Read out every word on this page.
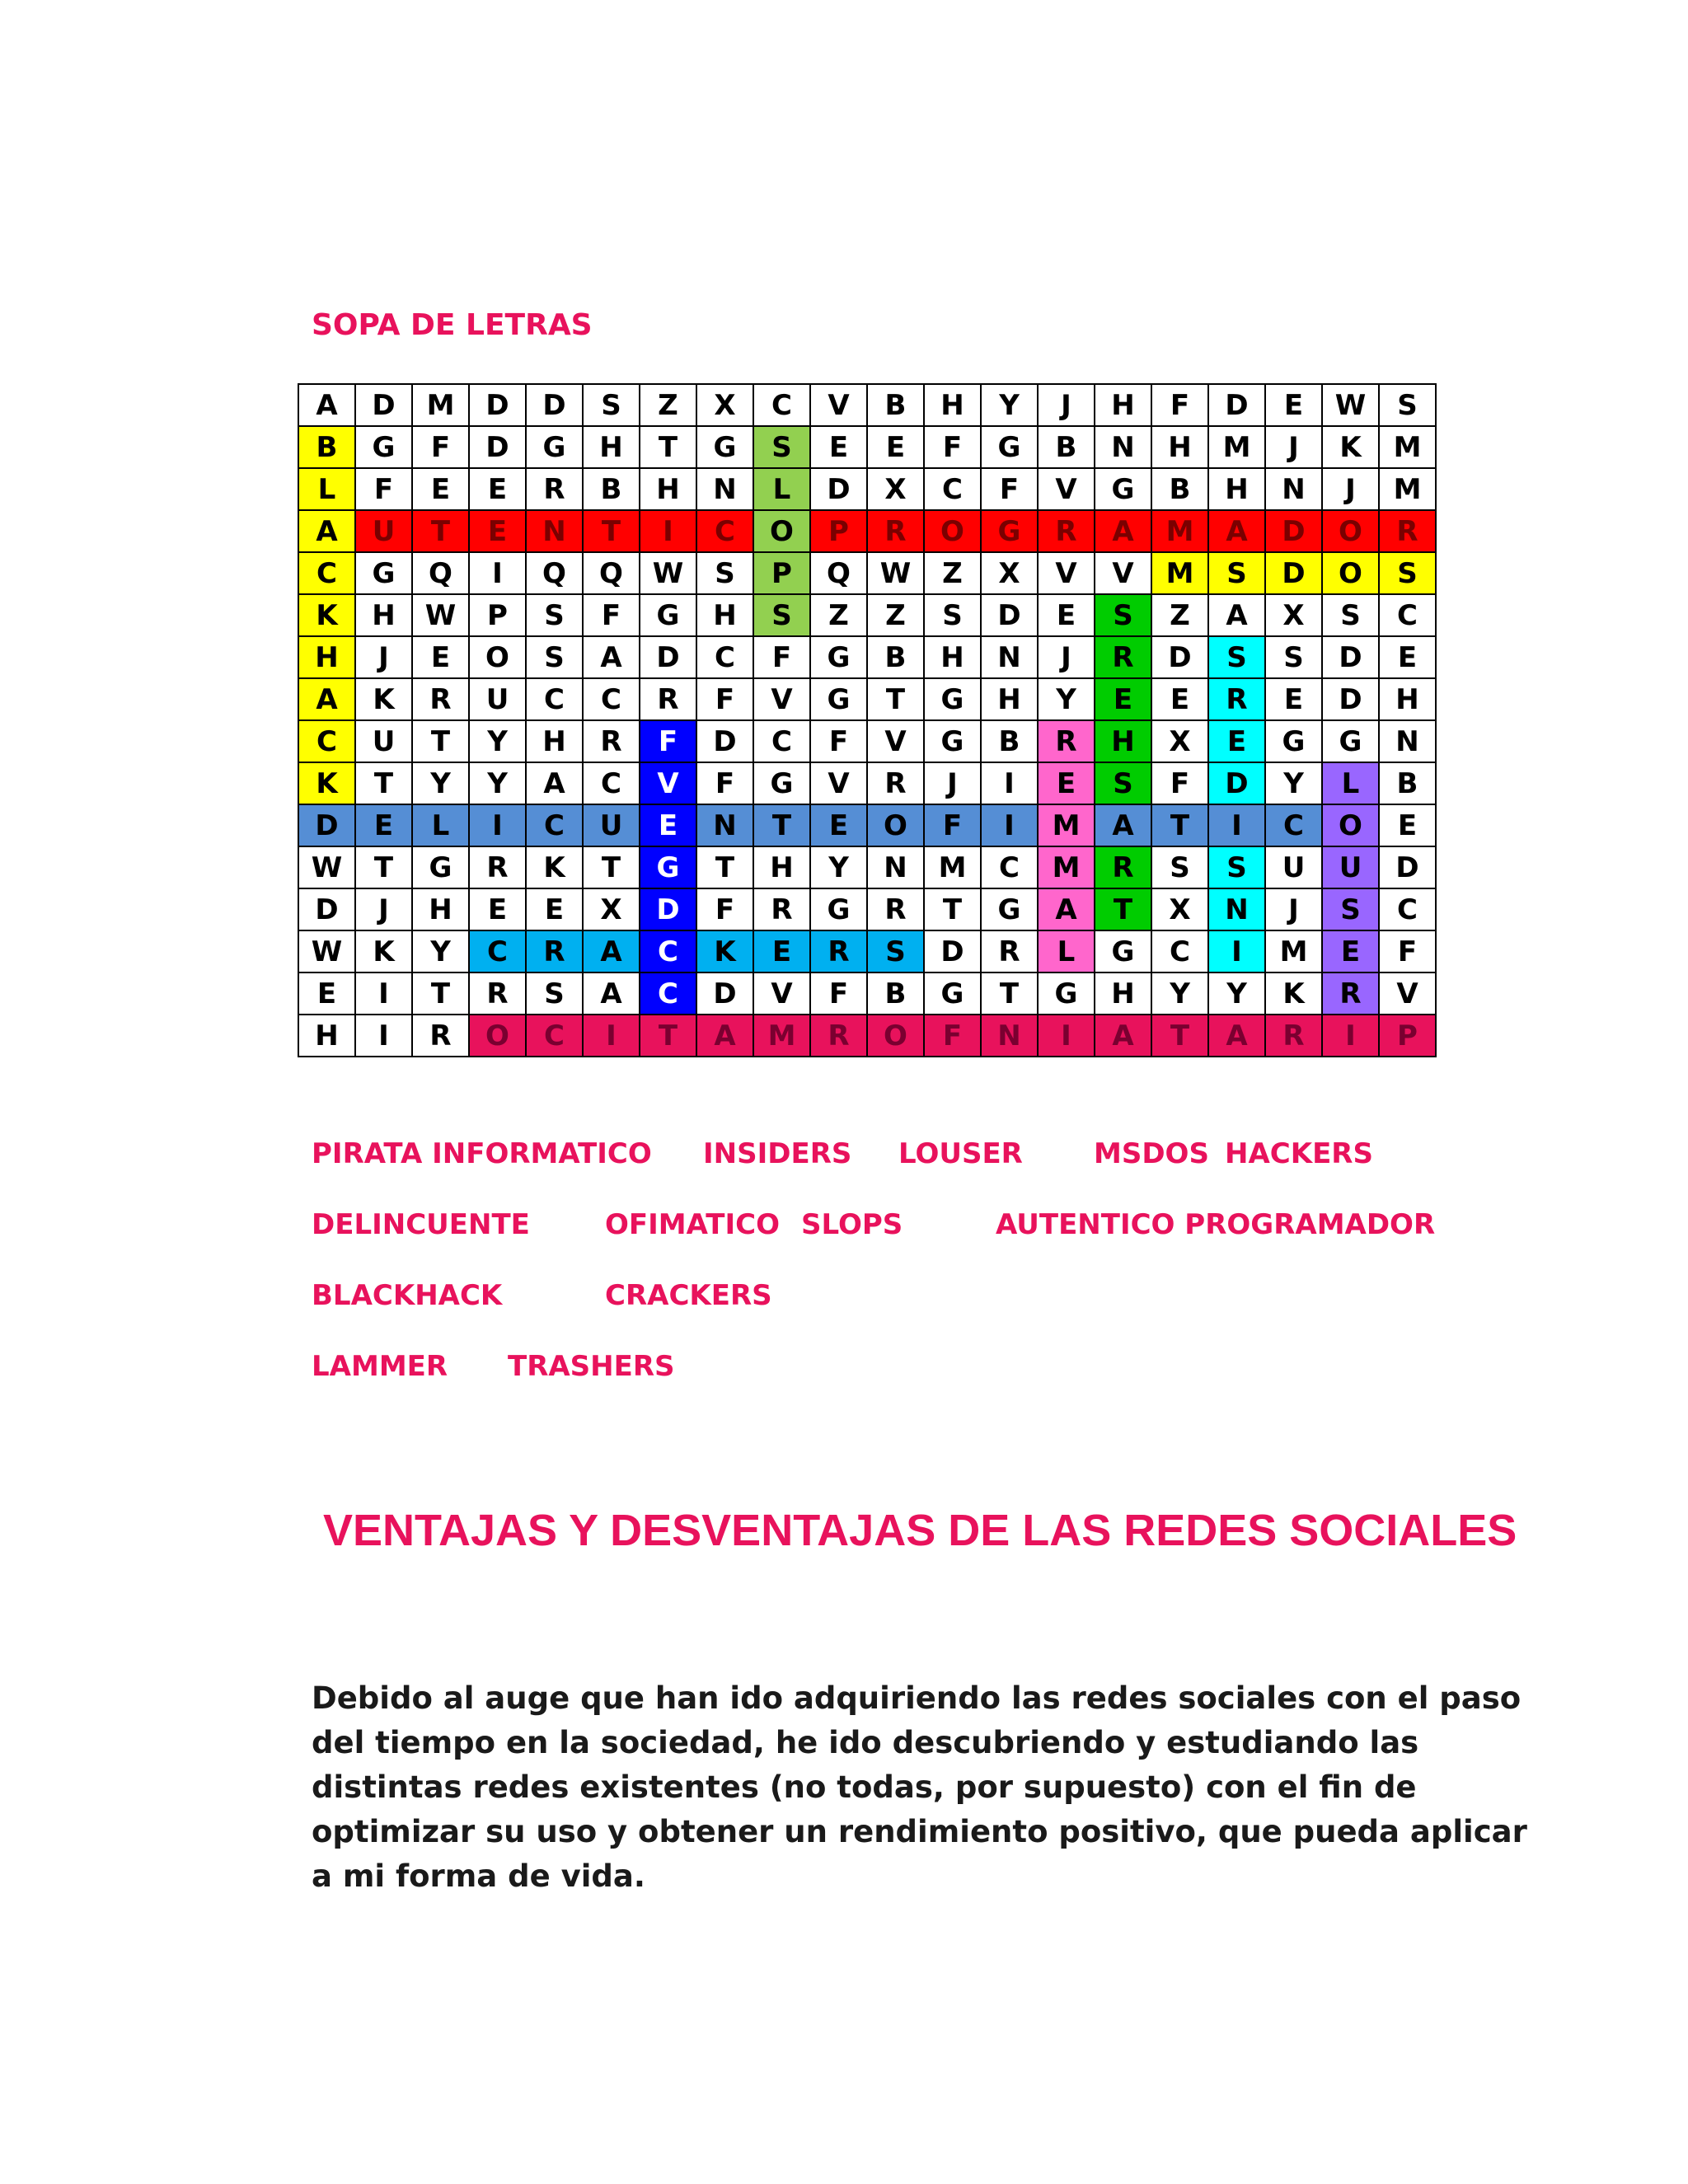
SOPA DE LETRAS
A	D	M	D	D	S	Z	X	C	V	B	H	Y	J	H	F	D	E	W	S
B	G	F	D	G	H	T	G	S	E	E	F	G	B	N	H	M	J	K	M
L	F	E	E	R	B	H	N	L	D	X	C	F	V	G	B	H	N	J	M
A	U	T	E	N	T	I	C	O	P	R	O	G	R	A	M	A	D	O	R
C	G	Q	I	Q	Q	W	S	P	Q	W	Z	X	V	V	M	S	D	O	S
K	H	W	P	S	F	G	H	S	Z	Z	S	D	E	S	Z	A	X	S	C
H	J	E	O	S	A	D	C	F	G	B	H	N	J	R	D	S	S	D	E
A	K	R	U	C	C	R	F	V	G	T	G	H	Y	E	E	R	E	D	H
C	U	T	Y	H	R	F	D	C	F	V	G	B	R	H	X	E	G	G	N
K	T	Y	Y	A	C	V	F	G	V	R	J	I	E	S	F	D	Y	L	B
D	E	L	I	C	U	E	N	T	E	O	F	I	M	A	T	I	C	O	E
W	T	G	R	K	T	G	T	H	Y	N	M	C	M	R	S	S	U	U	D
D	J	H	E	E	X	D	F	R	G	R	T	G	A	T	X	N	J	S	C
W	K	Y	C	R	A	C	K	E	R	S	D	R	L	G	C	I	M	E	F
E	I	T	R	S	A	C	D	V	F	B	G	T	G	H	Y	Y	K	R	V
H	I	R	O	C	I	T	A	M	R	O	F	N	I	A	T	A	R	I	P
PIRATA INFORMATICO INSIDERS LOUSER	MSDOS HACKERS
DELINCUENTE	OFIMATICO SLOPS	AUTENTICO PROGRAMADOR
BLACKHACK	CRACKERS
LAMMER TRASHERS
VENTAJAS Y DESVENTAJAS DE LAS REDES SOCIALES
Debido al auge que han ido adquiriendo las redes sociales con el paso del tiempo en la sociedad, he ido descubriendo y estudiando las distintas redes existentes (no todas, por supuesto) con el fin de optimizar su uso y obtener un rendimiento positivo, que pueda aplicar a mi forma de vida.
